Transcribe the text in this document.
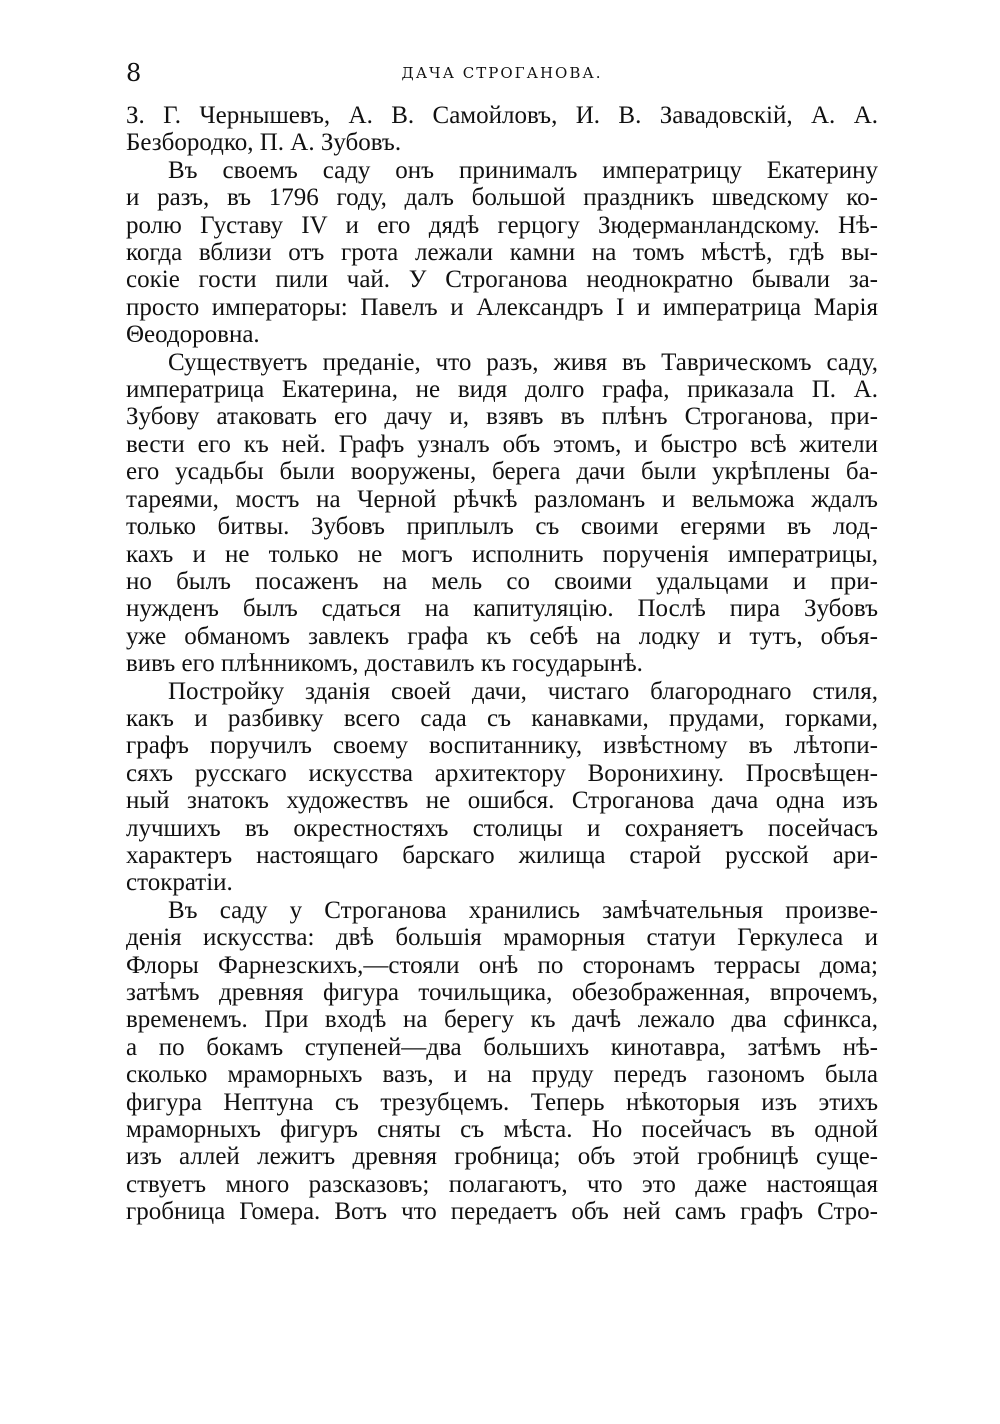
8	ДАЧА СТРОГАНОВА.
З. Г. Чернышевъ, А. В. Самойловъ, И. В. Завадовскій, А. А.
Безбородко, П. А. Зубовъ.
Въ своемъ саду онъ принималъ императрицу Екатерину
и разъ, въ 1796 году, далъ большой праздникъ шведскому ко-
ролю Густаву IV и его дядѣ герцогу Зюдерманландскому. Нѣ-
когда вблизи отъ грота лежали камни на томъ мѣстѣ, гдѣ вы-
сокіе гости пили чай. У Строганова неоднократно бывали за-
просто императоры: Павелъ и Александръ I и императрица Марія
Θеодоровна.
Существуетъ преданіе, что разъ, живя въ Таврическомъ саду,
императрица Екатерина, не видя долго графа, приказала П. А.
Зубову атаковать его дачу и, взявъ въ плѣнъ Строганова, при-
вести его къ ней. Графъ узналъ объ этомъ, и быстро всѣ жители
его усадьбы были вооружены, берега дачи были укрѣплены ба-
тареями, мостъ на Черной рѣчкѣ разломанъ и вельможа ждалъ
только битвы. Зубовъ приплылъ съ своими егерями въ лод-
кахъ и не только не могъ исполнить порученія императрицы,
но былъ посаженъ на мель со своими удальцами и при-
нужденъ былъ сдаться на капитуляцію. Послѣ пира Зубовъ
уже обманомъ завлекъ графа къ себѣ на лодку и тутъ, объя-
вивъ его плѣнникомъ, доставилъ къ государынѣ.
Постройку зданія своей дачи, чистаго благороднаго стиля,
какъ и разбивку всего сада съ канавками, прудами, горками,
графъ поручилъ своему воспитаннику, извѣстному въ лѣтопи-
сяхъ русскаго искусства архитектору Воронихину. Просвѣщен-
ный знатокъ художествъ не ошибся. Строганова дача одна изъ
лучшихъ въ окрестностяхъ столицы и сохраняетъ посейчасъ
характеръ настоящаго барскаго жилища старой русской ари-
стократіи.
Въ саду у Строганова хранились замѣчательныя произве-
денія искусства: двѣ большія мраморныя статуи Геркулеса и
Флоры Фарнезскихъ,—стояли онѣ по сторонамъ террасы дома;
затѣмъ древняя фигура точильщика, обезображенная, впрочемъ,
временемъ. При входѣ на берегу къ дачѣ лежало два сфинкса,
а по бокамъ ступеней—два большихъ кинотавра, затѣмъ нѣ-
сколько мраморныхъ вазъ, и на пруду передъ газономъ была
фигура Нептуна съ трезубцемъ. Теперь нѣкоторыя изъ этихъ
мраморныхъ фигуръ сняты съ мѣста. Но посейчасъ въ одной
изъ аллей лежитъ древняя гробница; объ этой гробницѣ суще-
ствуетъ много разсказовъ; полагаютъ, что это даже настоящая
гробница Гомера. Вотъ что передаетъ объ ней самъ графъ Стро-
